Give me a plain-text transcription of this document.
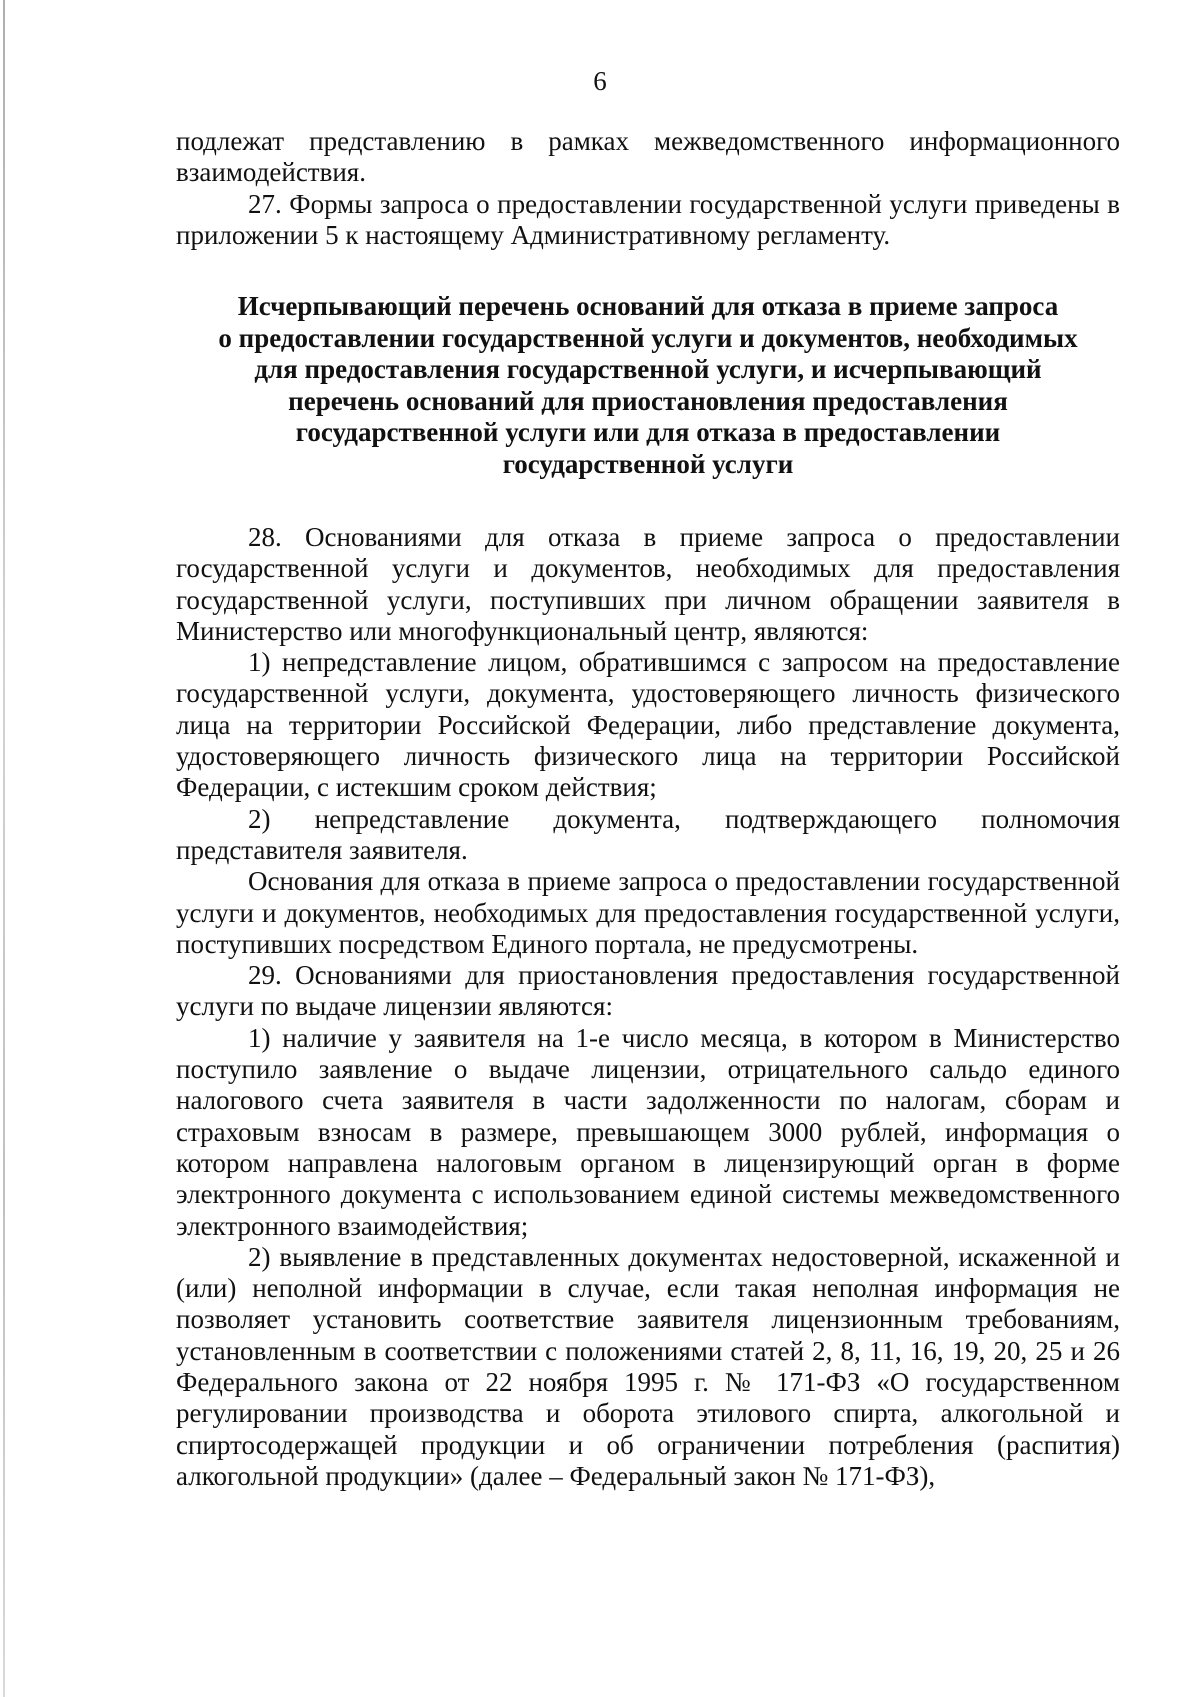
6

подлежат представлению в рамках межведомственного информационного взаимодействия.

27. Формы запроса о предоставлении государственной услуги приведены в приложении 5 к настоящему Административному регламенту.

Исчерпывающий перечень оснований для отказа в приеме запроса
о предоставлении государственной услуги и документов, необходимых
для предоставления государственной услуги, и исчерпывающий
перечень оснований для приостановления предоставления
государственной услуги или для отказа в предоставлении
государственной услуги

28. Основаниями для отказа в приеме запроса о предоставлении государственной услуги и документов, необходимых для предоставления государственной услуги, поступивших при личном обращении заявителя в Министерство или многофункциональный центр, являются:

1) непредставление лицом, обратившимся с запросом на предоставление государственной услуги, документа, удостоверяющего личность физического лица на территории Российской Федерации, либо представление документа, удостоверяющего личность физического лица на территории Российской Федерации, с истекшим сроком действия;

2) непредставление документа, подтверждающего полномочия представителя заявителя.

Основания для отказа в приеме запроса о предоставлении государственной услуги и документов, необходимых для предоставления государственной услуги, поступивших посредством Единого портала, не предусмотрены.

29. Основаниями для приостановления предоставления государственной услуги по выдаче лицензии являются:

1) наличие у заявителя на 1-е число месяца, в котором в Министерство поступило заявление о выдаче лицензии, отрицательного сальдо единого налогового счета заявителя в части задолженности по налогам, сборам и страховым взносам в размере, превышающем 3000 рублей, информация о котором направлена налоговым органом в лицензирующий орган в форме электронного документа с использованием единой системы межведомственного электронного взаимодействия;

2) выявление в представленных документах недостоверной, искаженной и (или) неполной информации в случае, если такая неполная информация не позволяет установить соответствие заявителя лицензионным требованиям, установленным в соответствии с положениями статей 2, 8, 11, 16, 19, 20, 25 и 26 Федерального закона от 22 ноября 1995 г. № 171-ФЗ «О государственном регулировании производства и оборота этилового спирта, алкогольной и спиртосодержащей продукции и об ограничении потребления (распития) алкогольной продукции» (далее – Федеральный закон № 171-ФЗ),
